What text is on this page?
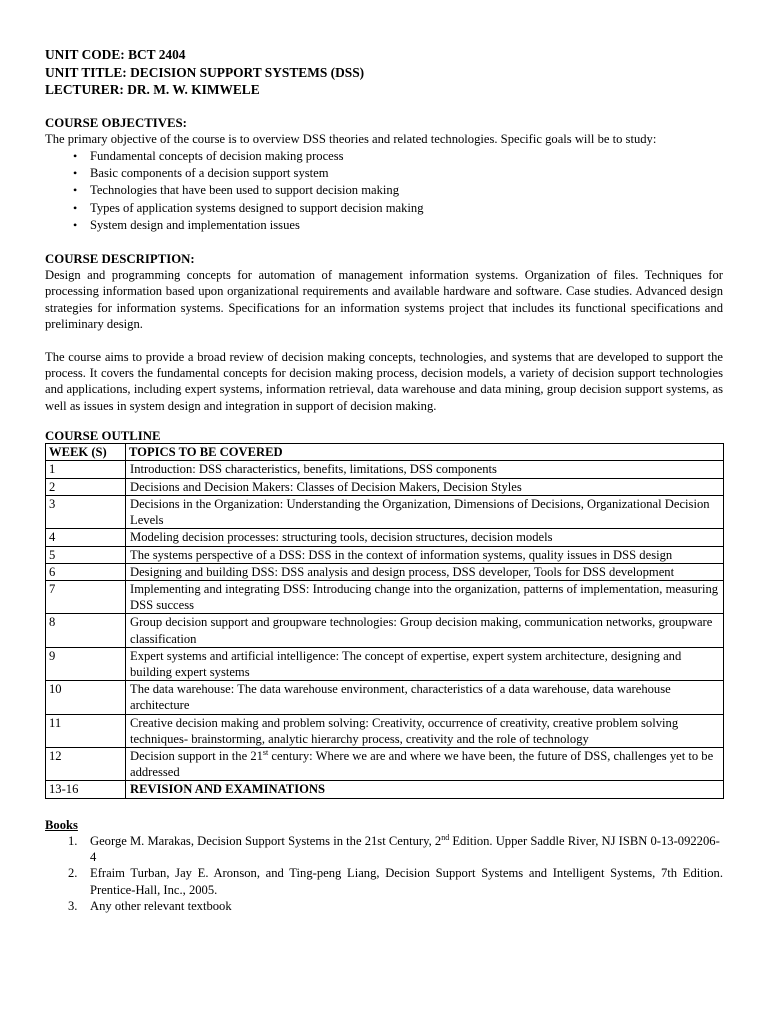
UNIT CODE: BCT 2404
UNIT TITLE: DECISION SUPPORT SYSTEMS (DSS)
LECTURER: DR. M. W. KIMWELE
COURSE OBJECTIVES:

The primary objective of the course is to overview DSS theories and related technologies. Specific goals will be to study:

• Fundamental concepts of decision making process
• Basic components of a decision support system
• Technologies that have been used to support decision making
• Types of application systems designed to support decision making
• System design and implementation issues
COURSE DESCRIPTION:

Design and programming concepts for automation of management information systems. Organization of files. Techniques for processing information based upon organizational requirements and available hardware and software. Case studies. Advanced design strategies for information systems. Specifications for an information systems project that includes its functional specifications and preliminary design.

The course aims to provide a broad review of decision making concepts, technologies, and systems that are developed to support the process. It covers the fundamental concepts for decision making process, decision models, a variety of decision support technologies and applications, including expert systems, information retrieval, data warehouse and data mining, group decision support systems, as well as issues in system design and integration in support of decision making.

COURSE OUTLINE
WEEK (S)	TOPICS TO BE COVERED
1	Introduction: DSS characteristics, benefits, limitations, DSS components
2	Decisions and Decision Makers: Classes of Decision Makers, Decision Styles
3	Decisions in the Organization: Understanding the Organization, Dimensions of Decisions, Organizational Decision Levels
4	Modeling decision processes: structuring tools, decision structures, decision models
5	The systems perspective of a DSS: DSS in the context of information systems, quality issues in DSS design
6	Designing and building DSS: DSS analysis and design process, DSS developer, Tools for DSS development
7	Implementing and integrating DSS: Introducing change into the organization, patterns of implementation, measuring DSS success
8	Group decision support and groupware technologies: Group decision making, communication networks, groupware classification
9	Expert systems and artificial intelligence: The concept of expertise, expert system architecture, designing and building expert systems
10	The data warehouse: The data warehouse environment, characteristics of a data warehouse, data warehouse architecture
11	Creative decision making and problem solving: Creativity, occurrence of creativity, creative problem solving techniques- brainstorming, analytic hierarchy process, creativity and the role of technology
12	Decision support in the 21st century: Where we are and where we have been, the future of DSS, challenges yet to be addressed
13-16	REVISION AND EXAMINATIONS
Books
1. George M. Marakas, Decision Support Systems in the 21st Century, 2nd Edition. Upper Saddle River, NJ ISBN 0-13-092206-4
2. Efraim Turban, Jay E. Aronson, and Ting-peng Liang, Decision Support Systems and Intelligent Systems, 7th Edition. Prentice-Hall, Inc., 2005.
3. Any other relevant textbook
